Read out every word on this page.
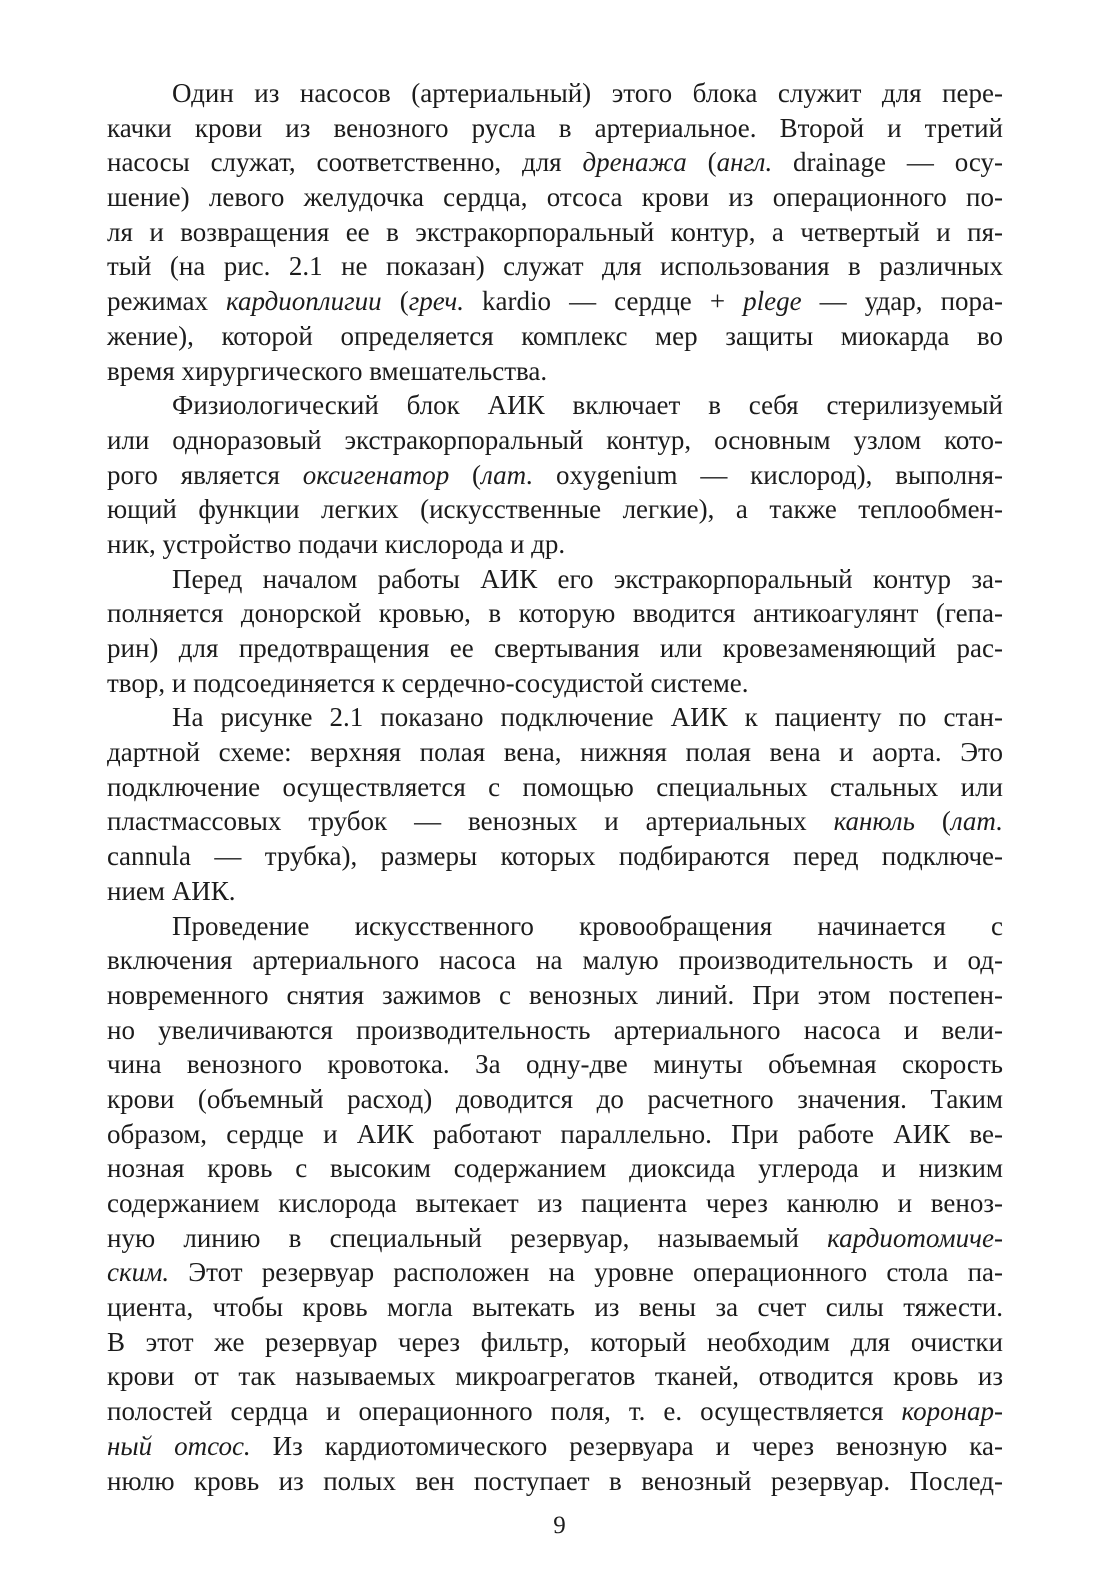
Один из насосов (артериальный) этого блока служит для пере-
качки крови из венозного русла в артериальное. Второй и третий
насосы служат, соответственно, для дренажа (англ. drainage — осу-
шение) левого желудочка сердца, отсоса крови из операционного по-
ля и возвращения ее в экстракорпоральный контур, а четвертый и пя-
тый (на рис. 2.1 не показан) служат для использования в различных
режимах кардиоплигии (греч. kardio — сердце + plege — удар, пора-
жение), которой определяется комплекс мер защиты миокарда во
время хирургического вмешательства.
Физиологический блок АИК включает в себя стерилизуемый
или одноразовый экстракорпоральный контур, основным узлом кото-
рого является оксигенатор (лат. oxygenium — кислород), выполня-
ющий функции легких (искусственные легкие), а также теплообмен-
ник, устройство подачи кислорода и др.
Перед началом работы АИК его экстракорпоральный контур за-
полняется донорской кровью, в которую вводится антикоагулянт (гепа-
рин) для предотвращения ее свертывания или кровезаменяющий рас-
твор, и подсоединяется к сердечно-сосудистой системе.
На рисунке 2.1 показано подключение АИК к пациенту по стан-
дартной схеме: верхняя полая вена, нижняя полая вена и аорта. Это
подключение осуществляется с помощью специальных стальных или
пластмассовых трубок — венозных и артериальных канюль (лат.
cannula — трубка), размеры которых подбираются перед подключе-
нием АИК.
Проведение искусственного кровообращения начинается с
включения артериального насоса на малую производительность и од-
новременного снятия зажимов с венозных линий. При этом постепен-
но увеличиваются производительность артериального насоса и вели-
чина венозного кровотока. За одну-две минуты объемная скорость
крови (объемный расход) доводится до расчетного значения. Таким
образом, сердце и АИК работают параллельно. При работе АИК ве-
нозная кровь с высоким содержанием диоксида углерода и низким
содержанием кислорода вытекает из пациента через канюлю и веноз-
ную линию в специальный резервуар, называемый кардиотомиче-
ским. Этот резервуар расположен на уровне операционного стола па-
циента, чтобы кровь могла вытекать из вены за счет силы тяжести.
В этот же резервуар через фильтр, который необходим для очистки
крови от так называемых микроагрегатов тканей, отводится кровь из
полостей сердца и операционного поля, т. е. осуществляется коронар-
ный отсос. Из кардиотомического резервуара и через венозную ка-
нюлю кровь из полых вен поступает в венозный резервуар. Послед-
9
